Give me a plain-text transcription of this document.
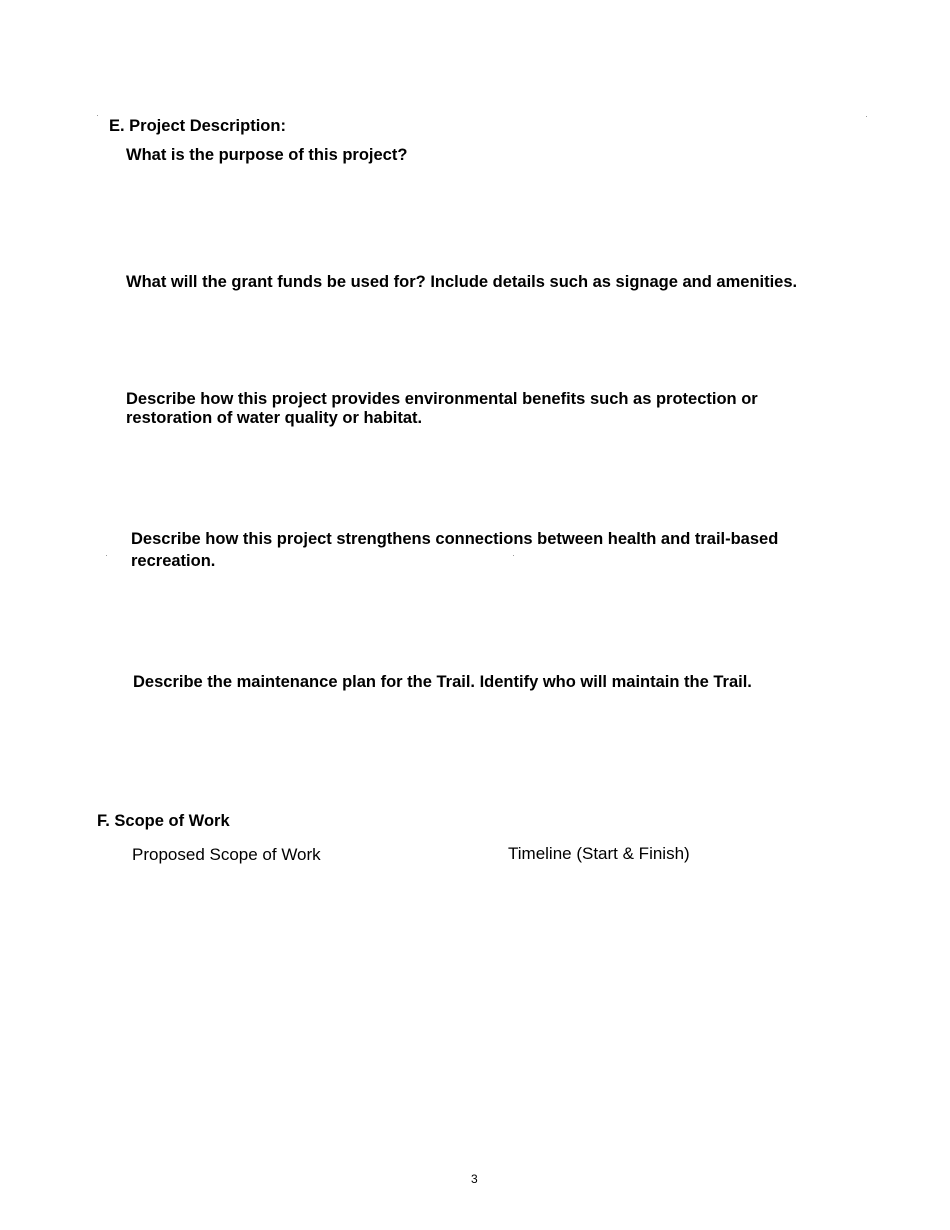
E. Project Description:

What is the purpose of this project?

What will the grant funds be used for? Include details such as signage and amenities.

Describe how this project provides environmental benefits such as protection or restoration of water quality or habitat.

Describe how this project strengthens connections between health and trail-based recreation.

Describe the maintenance plan for the Trail. Identify who will maintain the Trail.

F. Scope of Work

Proposed Scope of Work	Timeline (Start & Finish)

3
